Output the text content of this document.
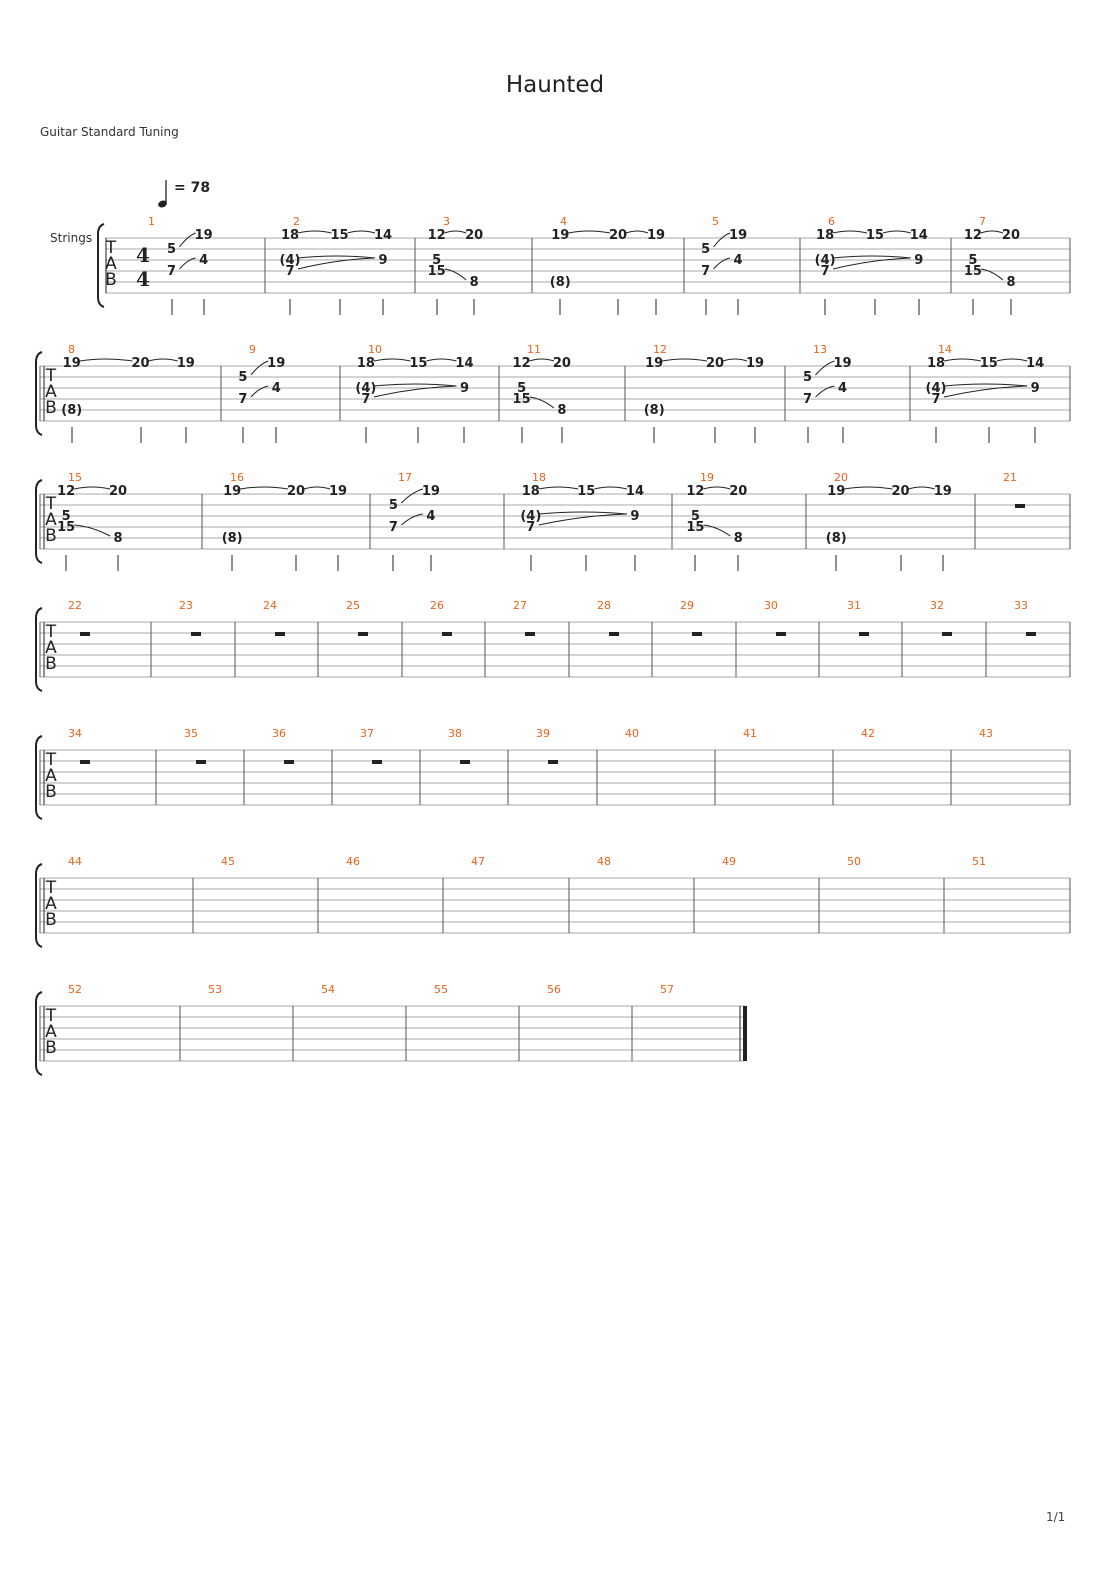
Haunted
Guitar Standard Tuning
= 78
T
A
B
Strings
4
4
1
5
7
19
4
2
18
(4)
7
15 14
9
3
12
5
15
20
8
4
19
(8)
20 19
5
5
7
19
4
6
18
(4)
7
15 14
9
7
12
5
15
20
8
T
A
B
8
19
(8)
20 19
9
5
7
19
4
10
18
(4)
7
15 14
9
11
12
5
15
20
8
12
19
(8)
20 19
13
5
7
19
4
14
18
(4)
7
15 14
9
T
A
B
15
12
5
15
20
8
16
19
(8)
20 19
17
5
7
19
4
18
18
(4)
7
15 14
9
19
12
5
15
20
8
20
19
(8)
20 19
21
T
A
B
22	23	24	25	26	27	28	29	30	31	32	33
T
A
B
34	35	36	37	38	39	40	41	42	43
T
A
B
44	45	46	47	48	49	50	51
T
A
B
52	53	54	55	56	57
1/1
